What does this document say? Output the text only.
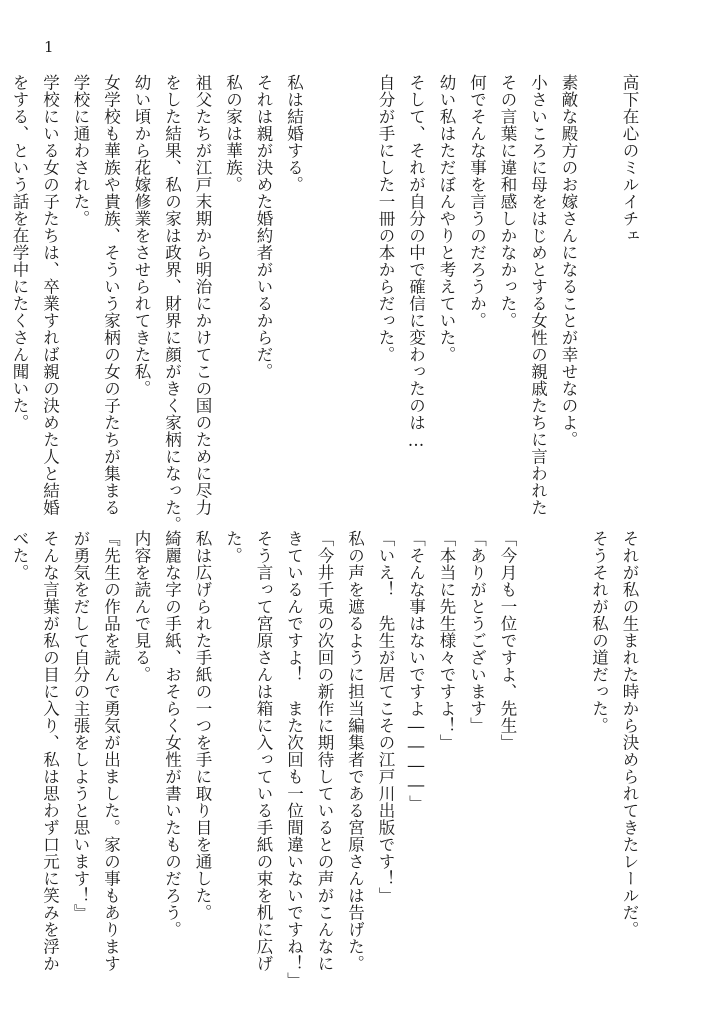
1
高下在心のミルイチェ
素敵な殿方のお嫁さんになることが幸せなのよ。
小さいころに母をはじめとする女性の親戚たちに言われた
その言葉に違和感しかなかった。
何でそんな事を言うのだろうか。
幼い私はただぼんやりと考えていた。
そして、それが自分の中で確信に変わったのは…
自分が手にした一冊の本からだった。
私は結婚する。
それは親が決めた婚約者がいるからだ。
私の家は華族。
祖父たちが江戸末期から明治にかけてこの国のために尽力
をした結果、私の家は政界、財界に顔がきく家柄になった。
幼い頃から花嫁修業をさせられてきた私。
女学校も華族や貴族、そういう家柄の女の子たちが集まる
学校に通わされた。
学校にいる女の子たちは、卒業すれば親の決めた人と結婚
をする、という話を在学中にたくさん聞いた。
それが私の生まれた時から決められてきたレールだ。
そうそれが私の道だった。
「今月も一位ですよ、先生」
「ありがとうございます」
「本当に先生様々ですよ！」
「そんな事はないですよ――――」
「いえ！　先生が居てこその江戸川出版です！」
私の声を遮るように担当編集者である宮原さんは告げた。
「今井千兎の次回の新作に期待しているとの声がこんなに
きているんですよ！　また次回も一位間違いないですね！」
そう言って宮原さんは箱に入っている手紙の束を机に広げ
た。
私は広げられた手紙の一つを手に取り目を通した。
綺麗な字の手紙、おそらく女性が書いたものだろう。
内容を読んで見る。
『先生の作品を読んで勇気が出ました。家の事もあります
が勇気をだして自分の主張をしようと思います！』
そんな言葉が私の目に入り、私は思わず口元に笑みを浮か
べた。
